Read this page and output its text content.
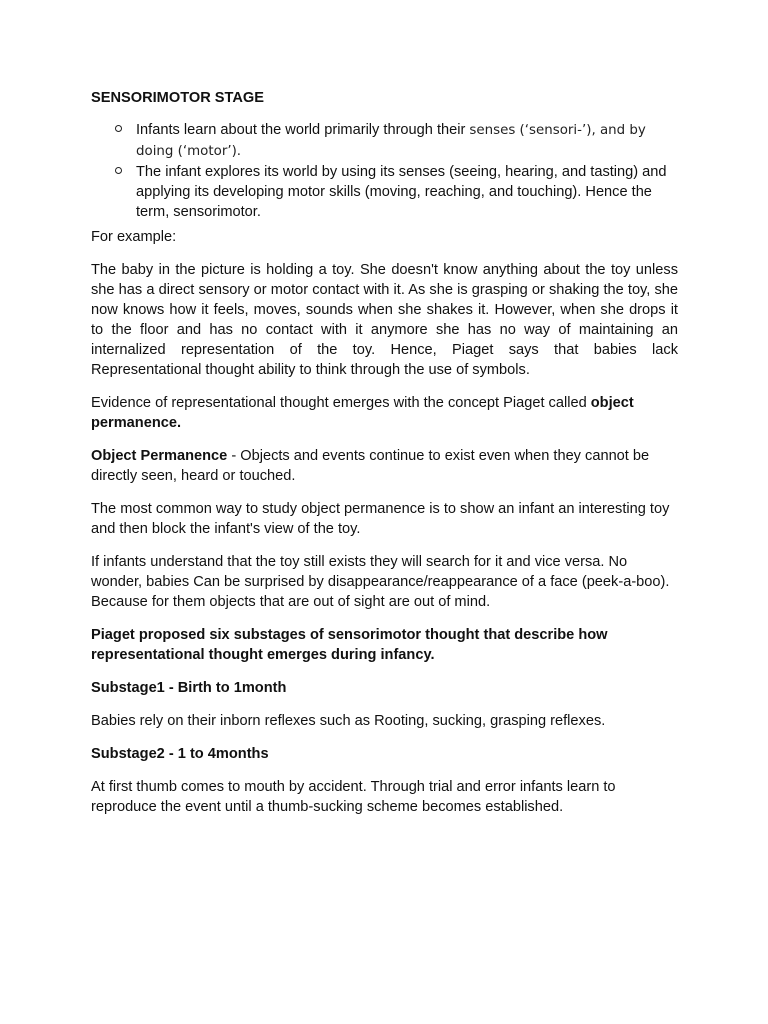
SENSORIMOTOR STAGE
Infants learn about the world primarily through their senses (‘sensori-’), and by doing (‘motor’).
The infant explores its world by using its senses (seeing, hearing, and tasting) and applying its developing motor skills (moving, reaching, and touching). Hence the term, sensorimotor.

For example:

The baby in the picture is holding a toy. She doesn't know anything about the toy unless she has a direct sensory or motor contact with it. As she is grasping or shaking the toy, she now knows how it feels, moves, sounds when she shakes it. However, when she drops it to the floor and has no contact with it anymore she has no way of maintaining an internalized representation of the toy. Hence, Piaget says that babies lack Representational thought ability to think through the use of symbols.

Evidence of representational thought emerges with the concept Piaget called object permanence.

Object Permanence - Objects and events continue to exist even when they cannot be directly seen, heard or touched.

The most common way to study object permanence is to show an infant an interesting toy and then block the infant's view of the toy.

If infants understand that the toy still exists they will search for it and vice versa. No wonder, babies Can be surprised by disappearance/reappearance of a face (peek-a-boo). Because for them objects that are out of sight are out of mind.

Piaget proposed six substages of sensorimotor thought that describe how representational thought emerges during infancy.

Substage1 - Birth to 1month

Babies rely on their inborn reflexes such as Rooting, sucking, grasping reflexes.

Substage2 - 1 to 4months

At first thumb comes to mouth by accident. Through trial and error infants learn to reproduce the event until a thumb-sucking scheme becomes established.
